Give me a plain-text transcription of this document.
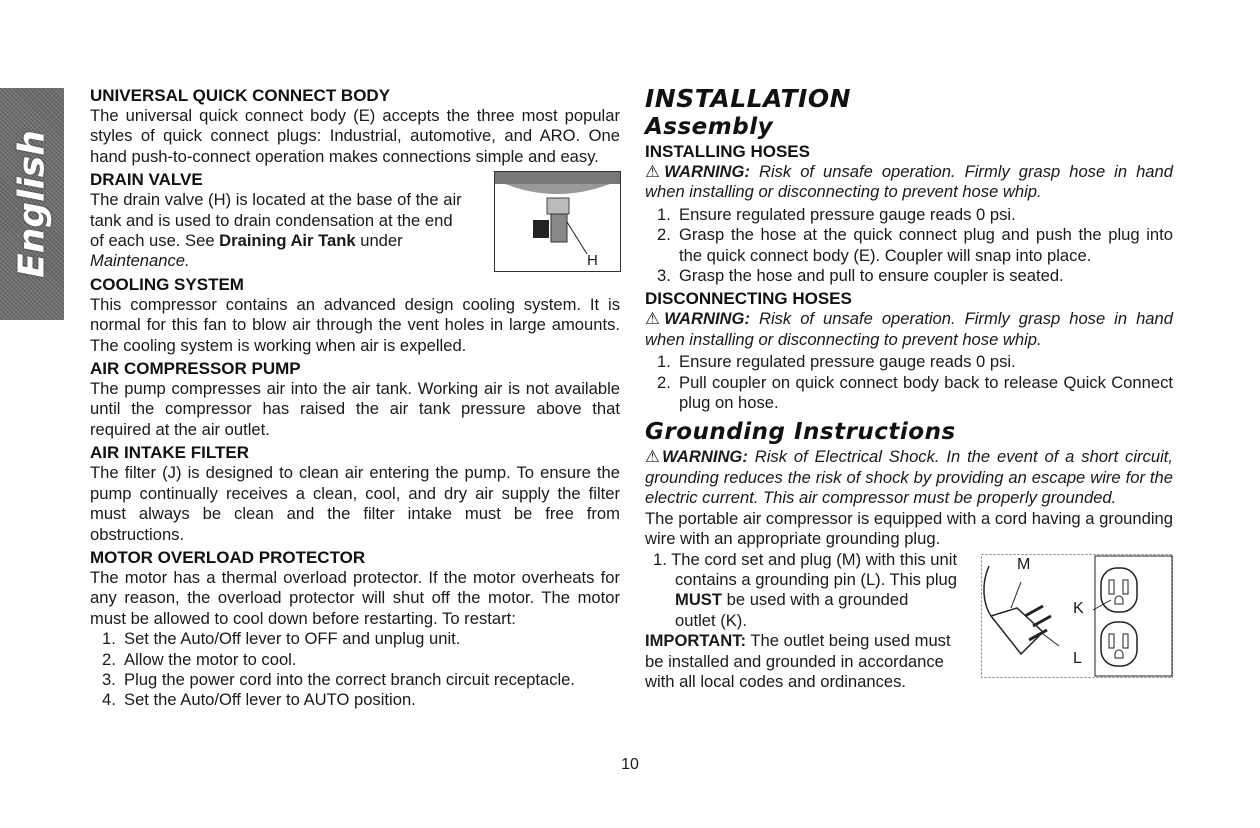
English
UNIVERSAL QUICK CONNECT BODY

The universal quick connect body (E) accepts the three most popular styles of quick connect plugs: Industrial, automotive, and ARO. One hand push-to-connect operation makes connections simple and easy.

DRAIN VALVE

The drain valve (H) is located at the base of the air

tank and is used to drain condensation at the end

of each use. See Draining Air Tank under

Maintenance.	H
COOLING SYSTEM

This compressor contains an advanced design cooling system. It is normal for this fan to blow air through the vent holes in large amounts. The cooling system is working when air is expelled.

AIR COMPRESSOR PUMP

The pump compresses air into the air tank. Working air is not available until the compressor has raised the air tank pressure above that required at the air outlet.

AIR INTAKE FILTER

The filter (J) is designed to clean air entering the pump. To ensure the pump continually receives a clean, cool, and dry air supply the filter must always be clean and the filter intake must be free from obstructions.

MOTOR OVERLOAD PROTECTOR

The motor has a thermal overload protector. If the motor overheats for any reason, the overload protector will shut off the motor. The motor must be allowed to cool down before restarting. To restart:

1. Set the Auto/Off lever to OFF and unplug unit.
2. Allow the motor to cool.
3. Plug the power cord into the correct branch circuit receptacle.
4. Set the Auto/Off lever to AUTO position.
INSTALLATION
Assembly
INSTALLING HOSES

⚠WARNING: Risk of unsafe operation. Firmly grasp hose in hand when installing or disconnecting to prevent hose whip.

1. Ensure regulated pressure gauge reads 0 psi.
2. Grasp the hose at the quick connect plug and push the plug into the quick connect body (E). Coupler will snap into place.
3. Grasp the hose and pull to ensure coupler is seated.
DISCONNECTING HOSES

⚠WARNING: Risk of unsafe operation. Firmly grasp hose in hand when installing or disconnecting to prevent hose whip.

1. Ensure regulated pressure gauge reads 0 psi.
2. Pull coupler on quick connect body back to release Quick Connect plug on hose.
Grounding Instructions

⚠WARNING: Risk of Electrical Shock. In the event of a short circuit, grounding reduces the risk of shock by providing an escape wire for the electric current. This air compressor must be properly grounded.

The portable air compressor is equipped with a cord having a grounding wire with an appropriate grounding plug.

1. The cord set and plug (M) with this unit

contains a grounding pin (L). This plug

MUST be used with a grounded

outlet (K).

IMPORTANT: The outlet being used must

be installed and grounded in accordance

with all local codes and ordinances.

M
K
L
10
